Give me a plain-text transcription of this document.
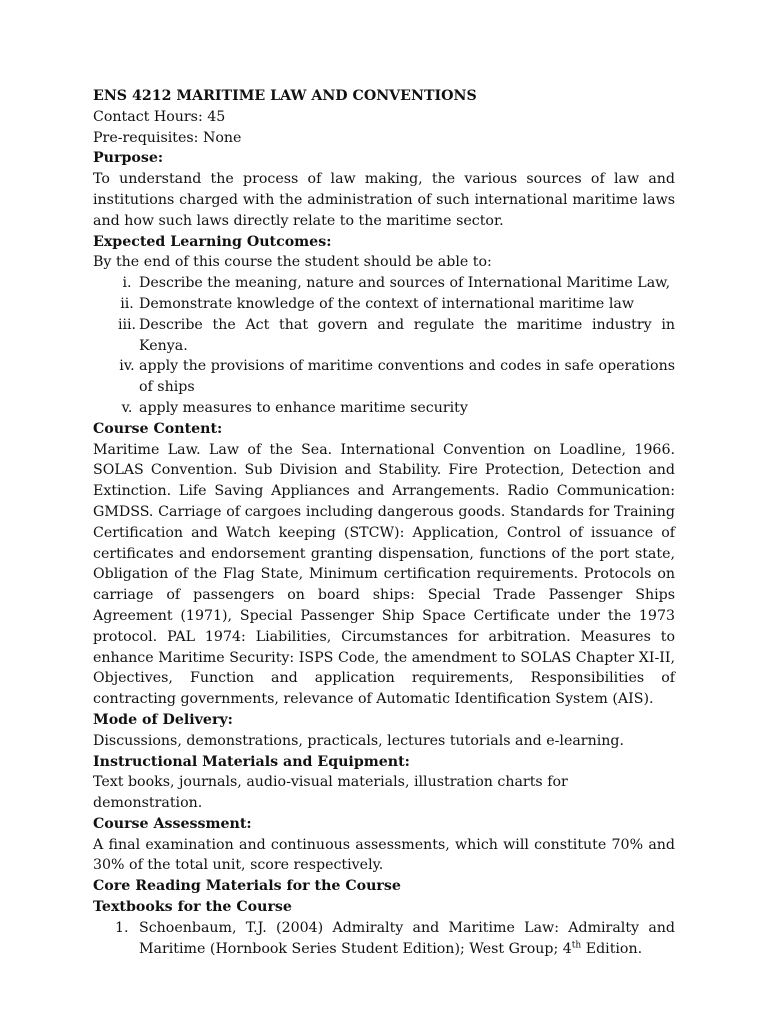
ENS 4212 MARITIME LAW AND CONVENTIONS

Contact Hours: 45

Pre-requisites: None

Purpose:

To understand the process of law making, the various sources of law and institutions charged with the administration of such international maritime laws and how such laws directly relate to the maritime sector.

Expected Learning Outcomes:

By the end of this course the student should be able to:

i. Describe the meaning, nature and sources of International Maritime Law,
ii. Demonstrate knowledge of the context of international maritime law
iii. Describe the Act that govern and regulate the maritime industry in Kenya.
iv. apply the provisions of maritime conventions and codes in safe operations of ships
v. apply measures to enhance maritime security

Course Content:

Maritime Law. Law of the Sea. International Convention on Loadline, 1966. SOLAS Convention. Sub Division and Stability. Fire Protection, Detection and Extinction. Life Saving Appliances and Arrangements. Radio Communication: GMDSS. Carriage of cargoes including dangerous goods. Standards for Training Certification and Watch keeping (STCW): Application, Control of issuance of certificates and endorsement granting dispensation, functions of the port state, Obligation of the Flag State, Minimum certification requirements. Protocols on carriage of passengers on board ships: Special Trade Passenger Ships Agreement (1971), Special Passenger Ship Space Certificate under the 1973 protocol. PAL 1974: Liabilities, Circumstances for arbitration. Measures to enhance Maritime Security: ISPS Code, the amendment to SOLAS Chapter XI-II, Objectives, Function and application requirements, Responsibilities of contracting governments, relevance of Automatic Identification System (AIS).

Mode of Delivery:

Discussions, demonstrations, practicals, lectures tutorials and e-learning.

Instructional Materials and Equipment:

Text books, journals, audio-visual materials, illustration charts for demonstration.

Course Assessment:

A final examination and continuous assessments, which will constitute 70% and 30% of the total unit, score respectively.

Core Reading Materials for the Course

Textbooks for the Course

1. Schoenbaum, T.J. (2004) Admiralty and Maritime Law: Admiralty and Maritime (Hornbook Series Student Edition); West Group; 4th Edition.
